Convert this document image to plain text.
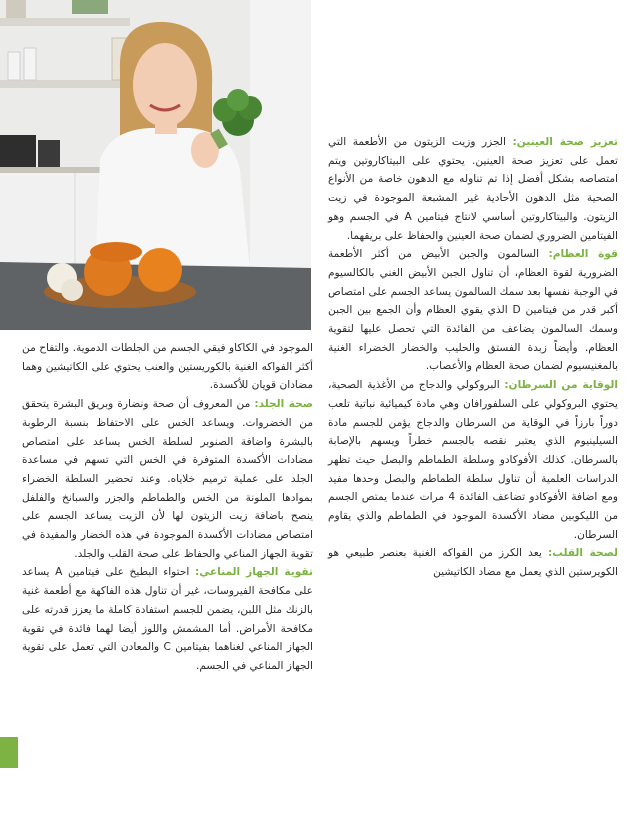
تعزيز صحة العينين: الجزر وزيت الزيتون من الأطعمة التي تعمل على تعزيز صحة العينين. يحتوي على البيتاكاروتين ويتم امتصاصه بشكل أفضل إذا تم تناوله مع الدهون خاصة من الأنواع الصحية مثل الدهون الأحادية غير المشبعة الموجودة في زيت الزيتون. والبيتاكاروتين أساسي لانتاج فيتامين A في الجسم وهو الفيتامين الضروري لضمان صحة العينين والحفاظ على بريقهما.

قوة العظام: السالمون والجبن الأبيض من أكثر الأطعمة الضرورية لقوة العظام، أن تناول الجبن الأبيض الغني بالكالسيوم في الوجبة نفسها بعد سمك السالمون يساعد الجسم على امتصاص أكبر قدر من فيتامين D الذي يقوي العظام وأن الجمع بين الجبن وسمك السالمون يضاعف من الفائدة التي تحصل عليها لتقوية العظام. وأيضاً زبدة الفستق والحليب والخضار الخضراء الغنية بالمغنيسيوم لضمان صحة العظام والأعصاب.

الوقاية من السرطان: البروكولي والدجاج من الأغذية الصحية، يحتوي البروكولي على السلفورافان وهي مادة كيميائية نباتية تلعب دوراً بارزاً في الوقاية من السرطان والدجاج يؤمن للجسم مادة السيلينيوم الذي يعتبر نقصه بالجسم خطراً ويسهم بالإصابة بالسرطان. كذلك الأفوكادو وسلطة الطماطم والبصل حيث تظهر الدراسات العلمية أن تناول سلطة الطماطم والبصل وحدها مفيد ومع اضافة الأفوكادو تضاعف الفائدة 4 مرات عندما يمتص الجسم من الليكوبين مضاد الأكسدة الموجود في الطماطم والذي يقاوم السرطان.

لصحة القلب: يعد الكرز من الفواكه الغنية بعنصر طبيعي هو الكويرستين الذي يعمل مع مضاد الكاتيشين

الموجود في الكاكاو فيقي الجسم من الجلطات الدموية. والتفاح من أكثر الفواكه الغنية بالكوريستين والعنب يحتوي على الكاتيشين وهما مضادان قويان للأكسدة.

صحة الجلد: من المعروف أن صحة ونضارة وبريق البشرة يتحقق من الخضروات. ويساعد الخس على الاحتفاظ بنسبة الرطوبة بالبشرة واضافة الصنوبر لسلطة الخس يساعد على امتصاص مضادات الأكسدة المتوفرة في الخس التي تسهم في مساعدة الجلد على عملية ترميم خلاياه. وعند تحضير السلطة الخضراء بموادها الملونة من الخس والطماطم والجزر والسبانخ والفلفل ينصح باضافة زيت الزيتون لها لأن الزيت يساعد الجسم على امتصاص مضادات الأكسدة الموجودة في هذه الخضار والمفيدة في تقوية الجهاز المناعي والحفاظ على صحة القلب والجلد.

تقوية الجهاز المناعي: احتواء البطيخ على فيتامين A يساعد على مكافحة الفيروسات، غير أن تناول هذه الفاكهة مع أطعمة غنية بالزنك مثل اللبن، يضمن للجسم استفادة كاملة ما يعزز قدرته على مكافحة الأمراض. أما المشمش واللوز أيضا لهما فائدة في تقوية الجهاز المناعي لغناهما بفيتامين C والمعادن التي تعمل على تقوية الجهاز المناعي في الجسم.
